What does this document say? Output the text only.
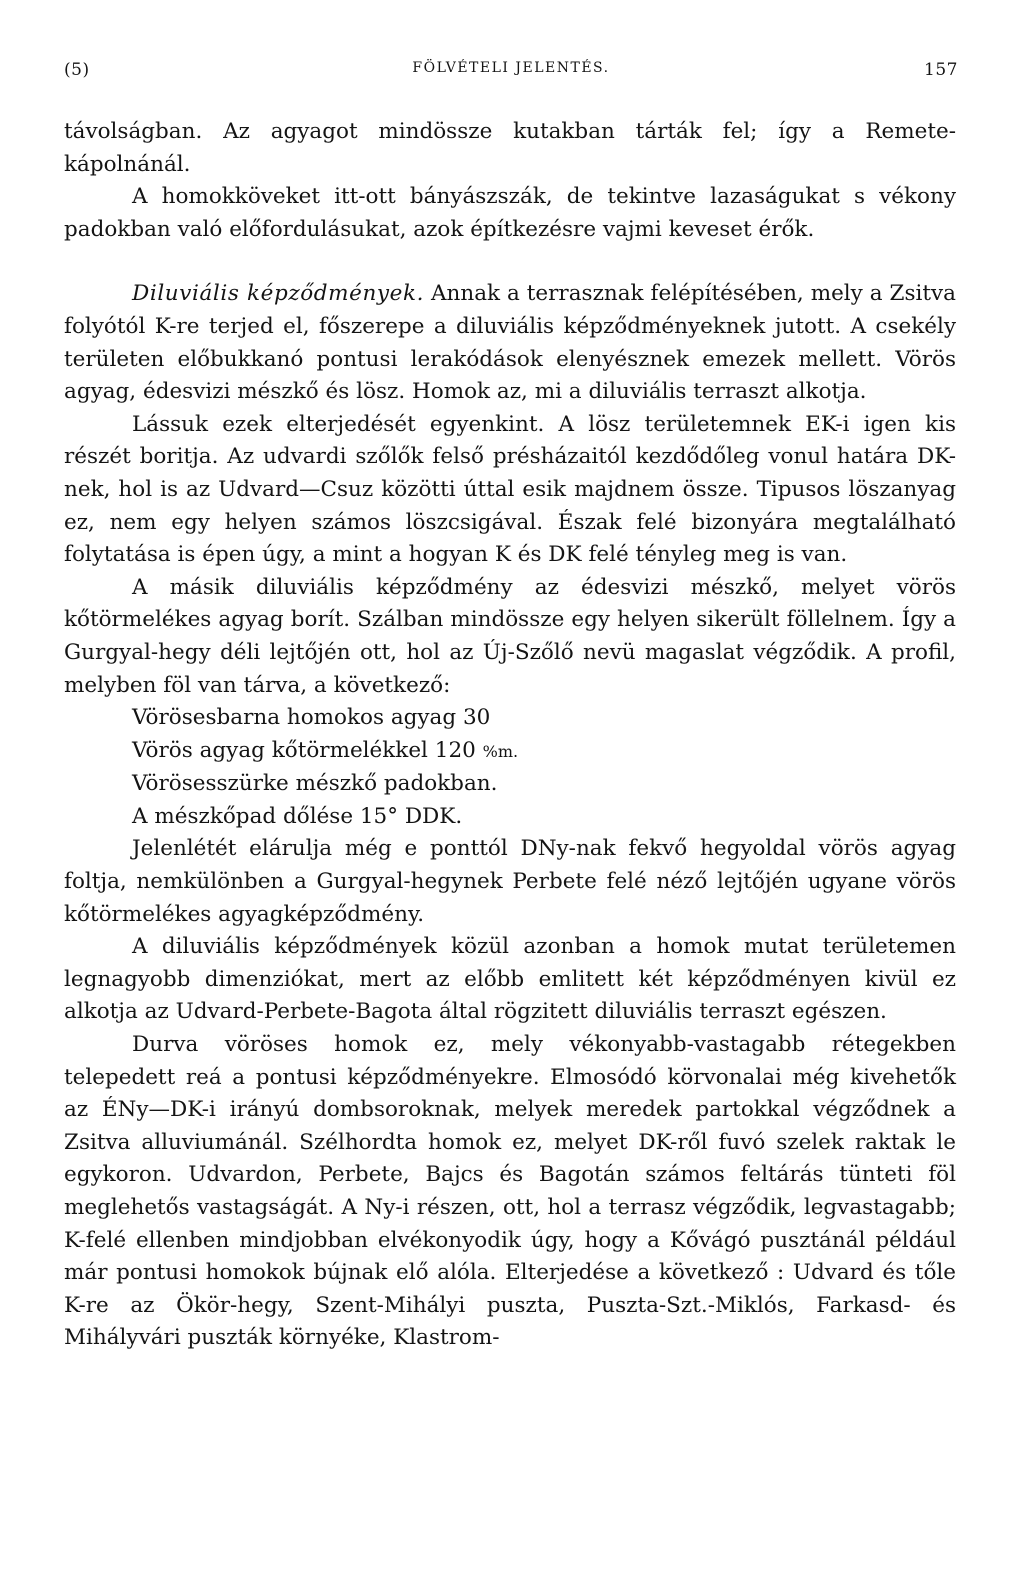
(5)	FÖLVÉTELI JELENTÉS.	157

távolságban. Az agyagot mindössze kutakban tárták fel; így a Remete-kápolnánál.

A homokköveket itt-ott bányászszák, de tekintve lazaságukat s vékony padokban való előfordulásukat, azok építkezésre vajmi keveset érők.

Diluviális képződmények. Annak a terrasznak felépítésében, mely a Zsitva folyótól K-re terjed el, főszerepe a diluviális képződményeknek jutott. A csekély területen előbukkanó pontusi lerakódások elenyésznek emezek mellett. Vörös agyag, édesvizi mészkő és lösz. Homok az, mi a diluviális terraszt alkotja.

Lássuk ezek elterjedését egyenkint. A lösz területemnek EK-i igen kis részét boritja. Az udvardi szőlők felső présházaitól kezdődőleg vonul határa DK-nek, hol is az Udvard—Csuz közötti úttal esik majdnem össze. Tipusos löszanyag ez, nem egy helyen számos löszcsigával. Észak felé bizonyára megtalálható folytatása is épen úgy, a mint a hogyan K és DK felé tényleg meg is van.

A másik diluviális képződmény az édesvizi mészkő, melyet vörös kőtörmelékes agyag borít. Szálban mindössze egy helyen sikerült föllelnem. Így a Gurgyal-hegy déli lejtőjén ott, hol az Új-Szőlő nevü magaslat végződik. A profil, melyben föl van tárva, a következő:

Vörösesbarna homokos agyag 30
Vörös agyag kőtörmelékkel 120 %m.
Vörösesszürke mészkő padokban.
A mészkőpad dőlése 15° DDK.

Jelenlétét elárulja még e ponttól DNy-nak fekvő hegyoldal vörös agyag foltja, nemkülönben a Gurgyal-hegynek Perbete felé néző lejtőjén ugyane vörös kőtörmelékes agyagképződmény.

A diluviális képződmények közül azonban a homok mutat területemen legnagyobb dimenziókat, mert az előbb emlitett két képződményen kivül ez alkotja az Udvard-Perbete-Bagota által rögzitett diluviális terraszt egészen.

Durva vöröses homok ez, mely vékonyabb-vastagabb rétegekben telepedett reá a pontusi képződményekre. Elmosódó körvonalai még kivehetők az ÉNy—DK-i irányú dombsoroknak, melyek meredek partokkal végződnek a Zsitva alluviumánál. Szélhordta homok ez, melyet DK-ről fuvó szelek raktak le egykoron. Udvardon, Perbete, Bajcs és Bagotán számos feltárás tünteti föl meglehetős vastagságát. A Ny-i részen, ott, hol a terrasz végződik, legvastagabb; K-felé ellenben mindjobban elvékonyodik úgy, hogy a Kővágó pusztánál például már pontusi homokok bújnak elő alóla. Elterjedése a következő : Udvard és tőle K-re az Ökör-hegy, Szent-Mihályi puszta, Puszta-Szt.-Miklós, Farkasd- és Mihályvári puszták környéke, Klastrom-
